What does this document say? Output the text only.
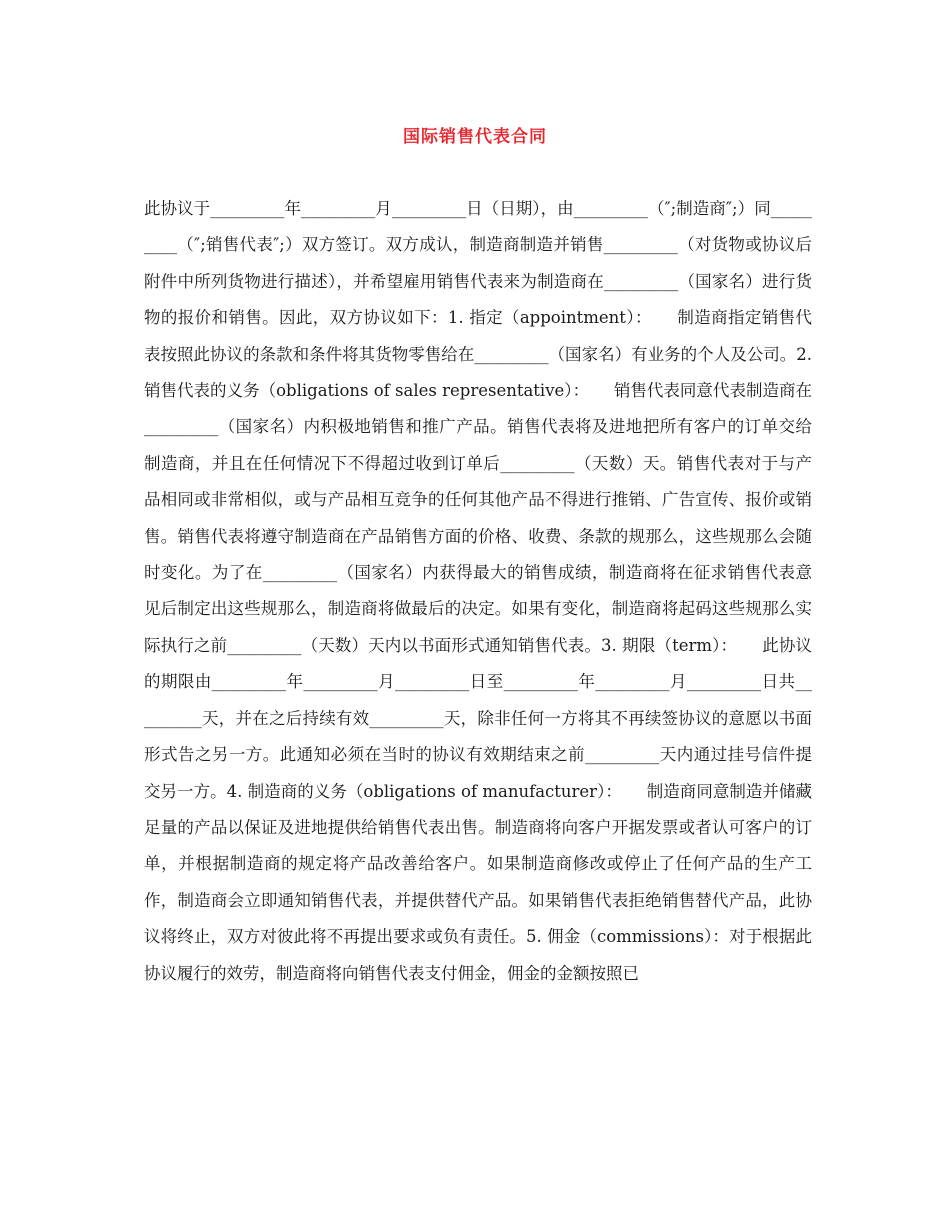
国际销售代表合同

此协议于_________年_________月_________日（日期），由_________（″;制造商″;）同_________（″;销售代表″;）双方签订。双方成认，制造商制造并销售_________（对货物或协议后附件中所列货物进行描述），并希望雇用销售代表来为制造商在_________（国家名）进行货物的报价和销售。因此，双方协议如下：1. 指定（appointment）：　　制造商指定销售代表按照此协议的条款和条件将其货物零售给在_________（国家名）有业务的个人及公司。2. 销售代表的义务（obligations of sales representative）：　　销售代表同意代表制造商在_________（国家名）内积极地销售和推广产品。销售代表将及进地把所有客户的订单交给制造商，并且在任何情况下不得超过收到订单后_________（天数）天。销售代表对于与产品相同或非常相似，或与产品相互竞争的任何其他产品不得进行推销、广告宣传、报价或销售。销售代表将遵守制造商在产品销售方面的价格、收费、条款的规那么，这些规那么会随时变化。为了在_________（国家名）内获得最大的销售成绩，制造商将在征求销售代表意见后制定出这些规那么，制造商将做最后的决定。如果有变化，制造商将起码这些规那么实际执行之前_________（天数）天内以书面形式通知销售代表。3. 期限（term）：　　此协议的期限由_________年_________月_________日至_________年_________月_________日共_________天，并在之后持续有效_________天，除非任何一方将其不再续签协议的意愿以书面形式告之另一方。此通知必须在当时的协议有效期结束之前_________天内通过挂号信件提交另一方。4. 制造商的义务（obligations of manufacturer）：　　制造商同意制造并储藏足量的产品以保证及进地提供给销售代表出售。制造商将向客户开据发票或者认可客户的订单，并根据制造商的规定将产品改善给客户。如果制造商修改或停止了任何产品的生产工作，制造商会立即通知销售代表，并提供替代产品。如果销售代表拒绝销售替代产品，此协议将终止，双方对彼此将不再提出要求或负有责任。5. 佣金（commissions）：对于根据此协议履行的效劳，制造商将向销售代表支付佣金，佣金的金额按照已
